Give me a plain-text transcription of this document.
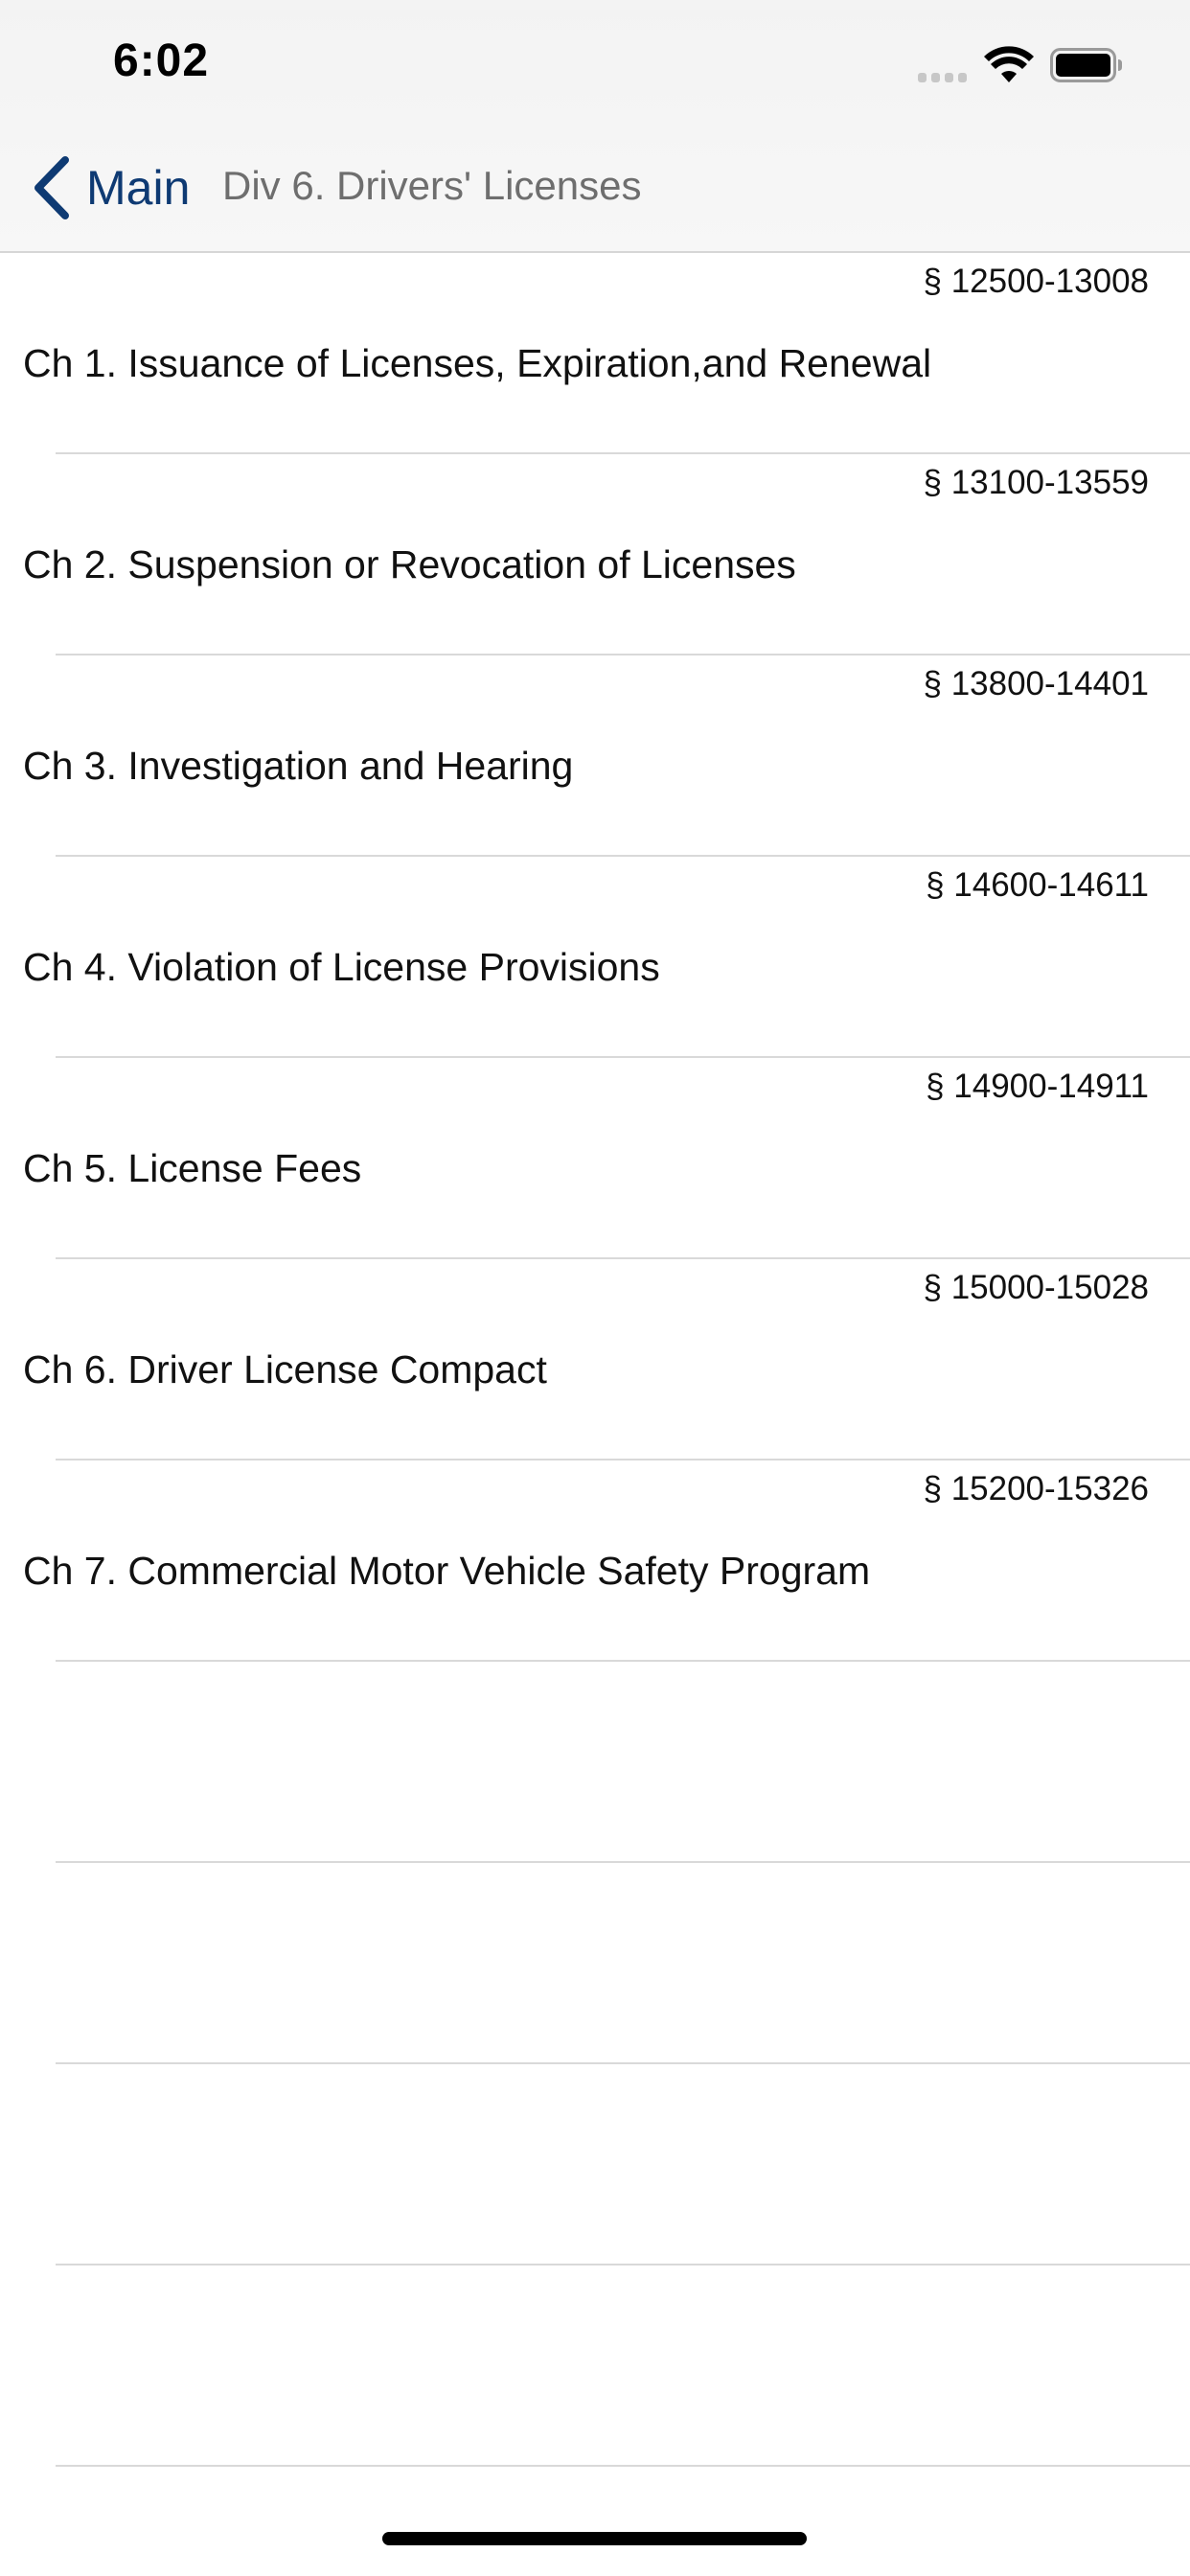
6:02
Main Div 6. Drivers' Licenses
§ 12500-13008
Ch 1. Issuance of Licenses, Expiration,and Renewal
§ 13100-13559
Ch 2. Suspension or Revocation of Licenses
§ 13800-14401
Ch 3. Investigation and Hearing
§ 14600-14611
Ch 4. Violation of License Provisions
§ 14900-14911
Ch 5. License Fees
§ 15000-15028
Ch 6. Driver License Compact
§ 15200-15326
Ch 7. Commercial Motor Vehicle Safety Program
